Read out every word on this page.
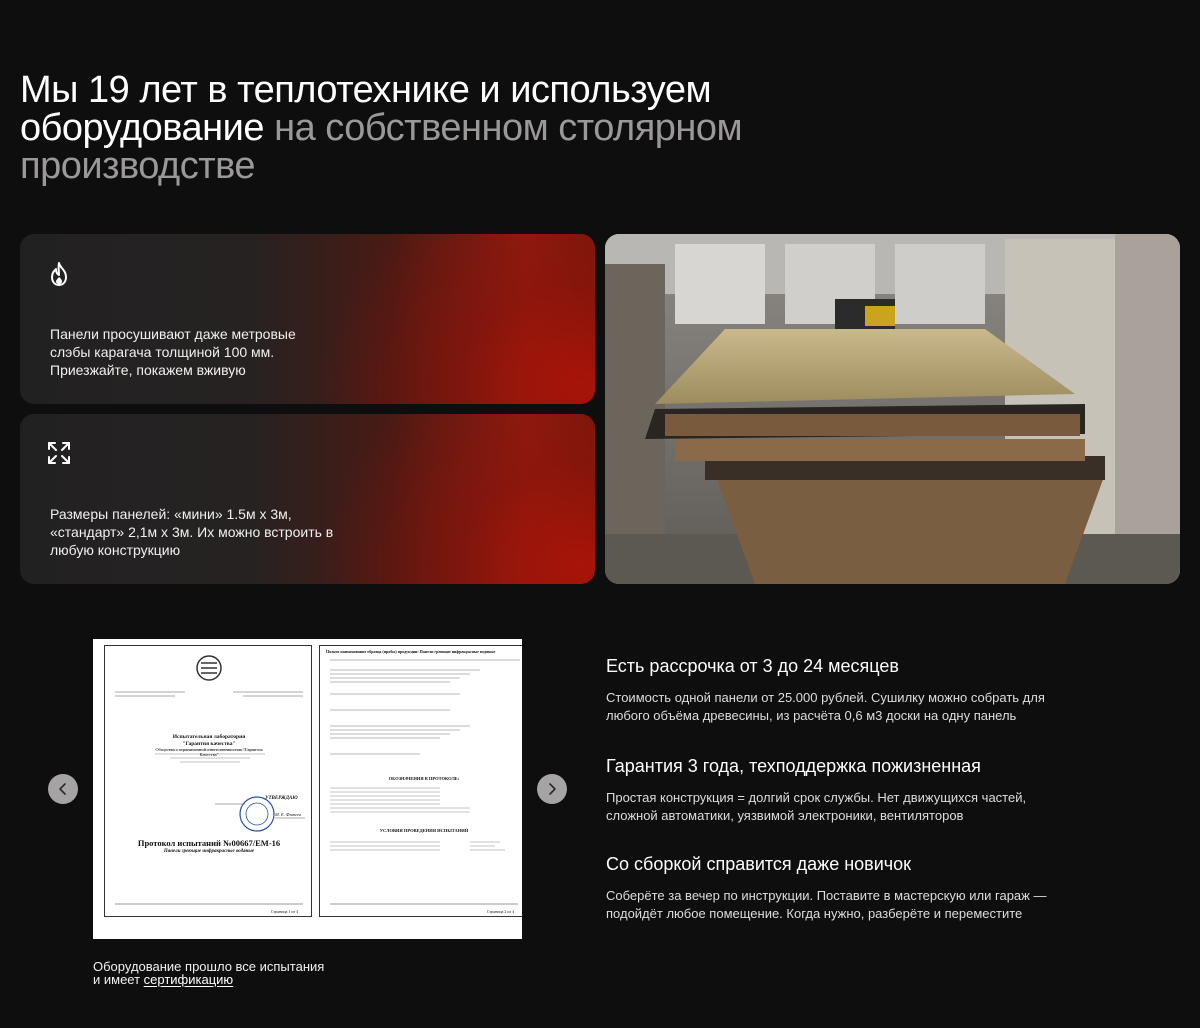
Мы 19 лет в теплотехнике и используем оборудование на собственном столярном производстве

Панели просушивают даже метровые слэбы карагача толщиной 100 мм. Приезжайте, покажем вживую

Размеры панелей: «мини» 1.5м х 3м, «стандарт» 2,1м х 3м. Их можно встроить в любую конструкцию

Испытательная лаборатория
"Гарантия качества"
Общество с ограниченной ответственностью "Гарантия Качества"
УТВЕРЖДАЮ
М. Е. Фатеев
Протокол испытаний №00667/ЕМ-16
Панели греющие инфракрасные водяные
Полное наименование образца (пробы) продукции: Панели греющие инфракрасные водяные
ОБОЗНАЧЕНИЯ В ПРОТОКОЛЕ:
УСЛОВИЯ ПРОВЕДЕНИЯ ИСПЫТАНИЙ
Страница 1 из 4	Страница 2 из 4
Оборудование прошло все испытания
и имеет сертификацию
Есть рассрочка от 3 до 24 месяцев

Стоимость одной панели от 25.000 рублей. Сушилку можно собрать для любого объёма древесины, из расчёта 0,6 м3 доски на одну панель

Гарантия 3 года, техподдержка пожизненная

Простая конструкция = долгий срок службы. Нет движущихся частей, сложной автоматики, уязвимой электроники, вентиляторов

Со сборкой справится даже новичок

Соберёте за вечер по инструкции. Поставите в мастерскую или гараж — подойдёт любое помещение. Когда нужно, разберёте и переместите
